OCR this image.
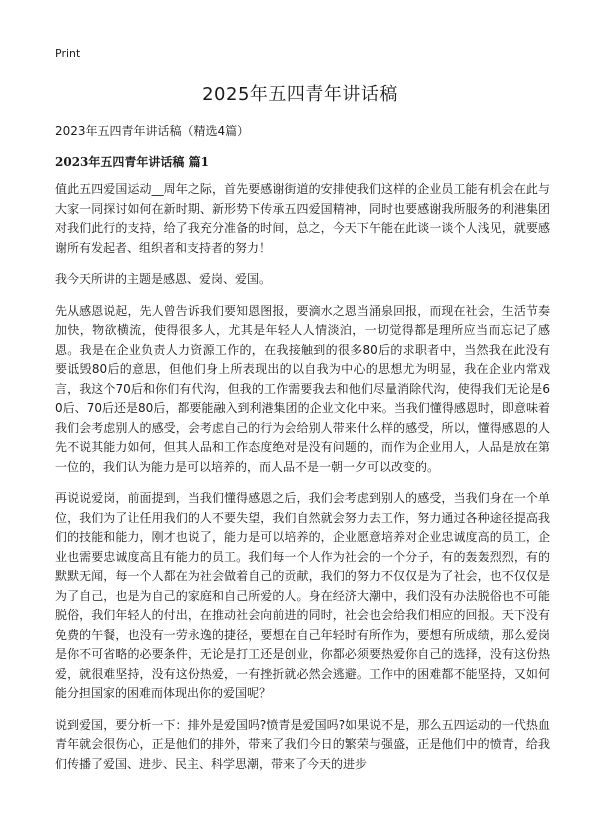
Print
2025年五四青年讲话稿

2023年五四青年讲话稿（精选4篇）

2023年五四青年讲话稿 篇1

值此五四爱国运动__周年之际，首先要感谢街道的安排使我们这样的企业员工能有机会在此与大家一同探讨如何在新时期、新形势下传承五四爱国精神，同时也要感谢我所服务的利港集团对我们此行的支持，给了我充分准备的时间，总之，今天下午能在此谈一谈个人浅见，就要感谢所有发起者、组织者和支持者的努力！

我今天所讲的主题是感恩、爱岗、爱国。

先从感恩说起，先人曾告诉我们要知恩图报，要滴水之恩当涌泉回报，而现在社会，生活节奏加快，物欲横流，使得很多人，尤其是年轻人人情淡泊，一切觉得都是理所应当而忘记了感恩。我是在企业负责人力资源工作的，在我接触到的很多80后的求职者中，当然我在此没有要诋毁80后的意思，但他们身上所表现出的以自我为中心的思想尤为明显，我在企业内常戏言，我这个70后和你们有代沟，但我的工作需要我去和他们尽量消除代沟，使得我们无论是60后、70后还是80后，都要能融入到利港集团的企业文化中来。当我们懂得感恩时，即意味着我们会考虑别人的感受，会考虑自己的行为会给别人带来什么样的感受，所以，懂得感恩的人先不说其能力如何，但其人品和工作态度绝对是没有问题的，而作为企业用人，人品是放在第一位的，我们认为能力是可以培养的，而人品不是一朝一夕可以改变的。

再说说爱岗，前面提到，当我们懂得感恩之后，我们会考虑到别人的感受，当我们身在一个单位，我们为了让任用我们的人不要失望，我们自然就会努力去工作，努力通过各种途径提高我们的技能和能力，刚才也说了，能力是可以培养的，企业愿意培养对企业忠诚度高的员工，企业也需要忠诚度高且有能力的员工。我们每一个人作为社会的一个分子，有的轰轰烈烈，有的默默无闻，每一个人都在为社会做着自己的贡献，我们的努力不仅仅是为了社会，也不仅仅是为了自己，也是为自己的家庭和自己所爱的人。身在经济大潮中，我们没有办法脱俗也不可能脱俗，我们年轻人的付出，在推动社会向前进的同时，社会也会给我们相应的回报。天下没有免费的午餐，也没有一劳永逸的捷径，要想在自己年轻时有所作为，要想有所成绩，那么爱岗是你不可省略的必要条件，无论是打工还是创业，你都必须要热爱你自己的选择，没有这份热爱，就很难坚持，没有这份热爱，一有挫折就必然会逃避。工作中的困难都不能坚持，又如何能分担国家的困难而体现出你的爱国呢？

说到爱国，要分析一下：排外是爱国吗?愤青是爱国吗?如果说不是，那么五四运动的一代热血青年就会很伤心，正是他们的排外，带来了我们今日的繁荣与强盛，正是他们中的愤青，给我们传播了爱国、进步、民主、科学思潮，带来了今天的进步
